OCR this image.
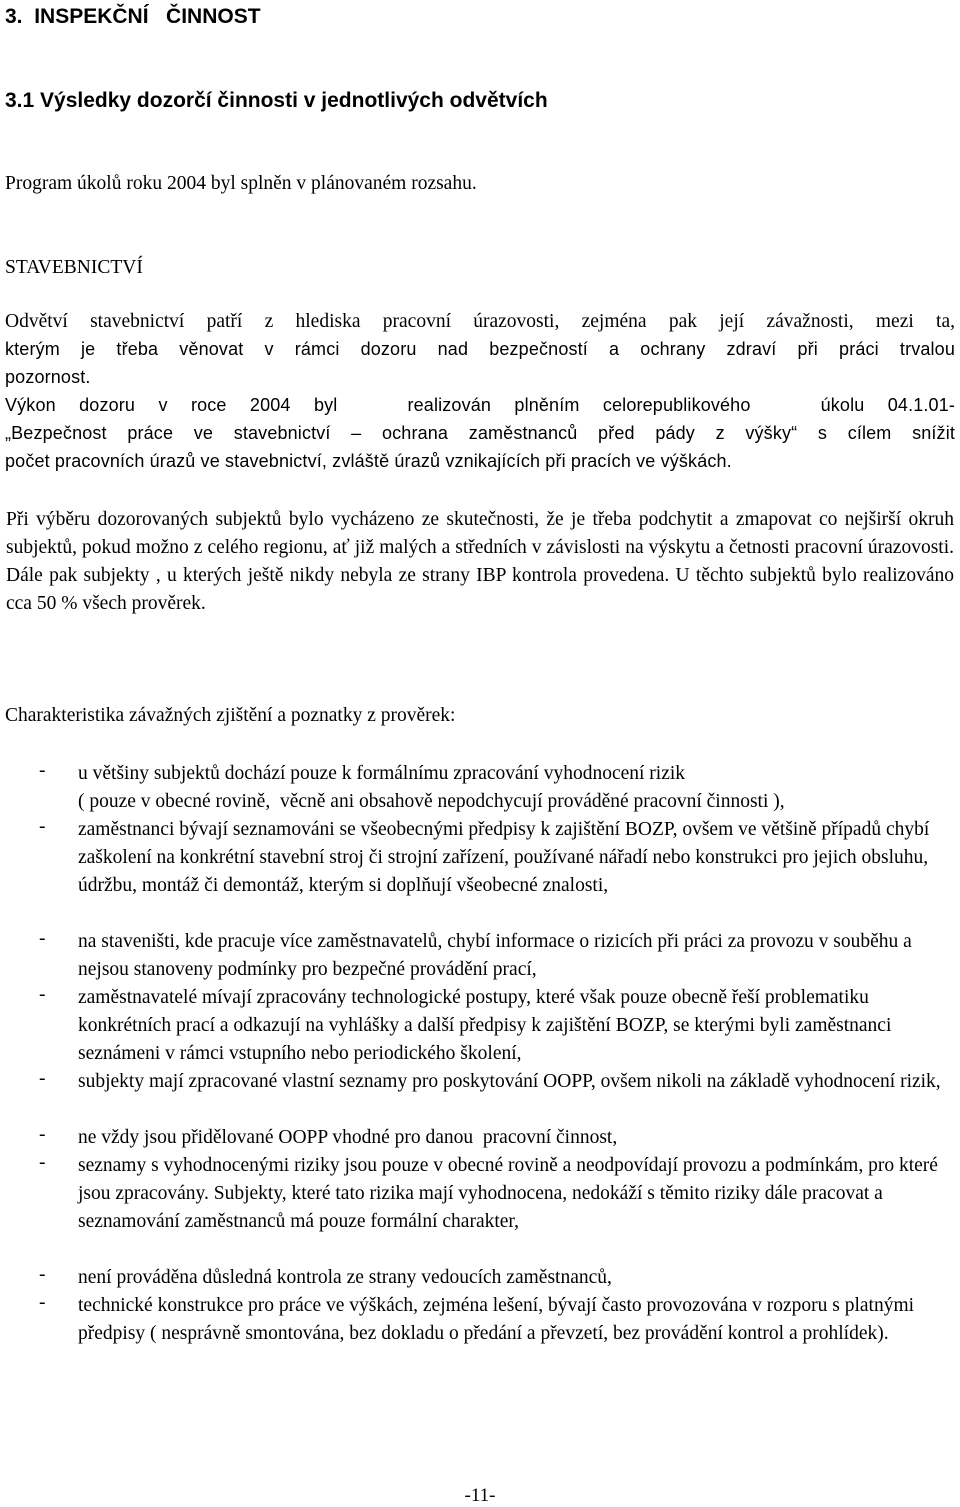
3. INSPEKČNÍ   ČINNOST
3.1 Výsledky dozorčí činnosti v jednotlivých odvětvích
Program úkolů roku 2004 byl splněn v plánovaném rozsahu.
STAVEBNICTVÍ
Odvětví stavebnictví patří z hlediska pracovní úrazovosti, zejména pak její závažnosti, mezi ta,
kterým je třeba věnovat v rámci dozoru nad bezpečností a ochrany zdraví při práci trvalou
pozornost.
Výkon dozoru v roce 2004 byl   realizován plněním celorepublikového   úkolu 04.1.01-
„Bezpečnost práce ve stavebnictví – ochrana zaměstnanců před pády z výšky“ s cílem snížit
počet pracovních úrazů ve stavebnictví, zvláště úrazů vznikajících při pracích ve výškách.

Při výběru dozorovaných subjektů bylo vycházeno ze skutečnosti, že je třeba podchytit a zmapovat co nejširší okruh subjektů, pokud možno z celého regionu, ať již malých a středních v závislosti na výskytu a četnosti pracovní úrazovosti. Dále pak subjekty , u kterých ještě nikdy nebyla ze strany IBP kontrola provedena. U těchto subjektů bylo realizováno cca 50 % všech prověrek.

Charakteristika závažných zjištění a poznatky z prověrek:
- u většiny subjektů dochází pouze k formálnímu zpracování vyhodnocení rizik
( pouze v obecné rovině,  věcně ani obsahově nepodchycují prováděné pracovní činnosti ),
- zaměstnanci bývají seznamováni se všeobecnými předpisy k zajištění BOZP, ovšem ve většině případů chybí zaškolení na konkrétní stavební stroj či strojní zařízení, používané nářadí nebo konstrukci pro jejich obsluhu, údržbu, montáž či demontáž, kterým si doplňují všeobecné znalosti,
- na staveništi, kde pracuje více zaměstnavatelů, chybí informace o rizicích při práci za provozu v souběhu a nejsou stanoveny podmínky pro bezpečné provádění prací,
- zaměstnavatelé mívají zpracovány technologické postupy, které však pouze obecně řeší problematiku konkrétních prací a odkazují na vyhlášky a další předpisy k zajištění BOZP, se kterými byli zaměstnanci seznámeni v rámci vstupního nebo periodického školení,
- subjekty mají zpracované vlastní seznamy pro poskytování OOPP, ovšem nikoli na základě vyhodnocení rizik,
- ne vždy jsou přidělované OOPP vhodné pro danou  pracovní činnost,
- seznamy s vyhodnocenými riziky jsou pouze v obecné rovině a neodpovídají provozu a podmínkám, pro které jsou zpracovány. Subjekty, které tato rizika mají vyhodnocena, nedokáží s těmito riziky dále pracovat a seznamování zaměstnanců má pouze formální charakter,
- není prováděna důsledná kontrola ze strany vedoucích zaměstnanců,
- technické konstrukce pro práce ve výškách, zejména lešení, bývají často provozována v rozporu s platnými předpisy ( nesprávně smontována, bez dokladu o předání a převzetí, bez provádění kontrol a prohlídek).
-11-
